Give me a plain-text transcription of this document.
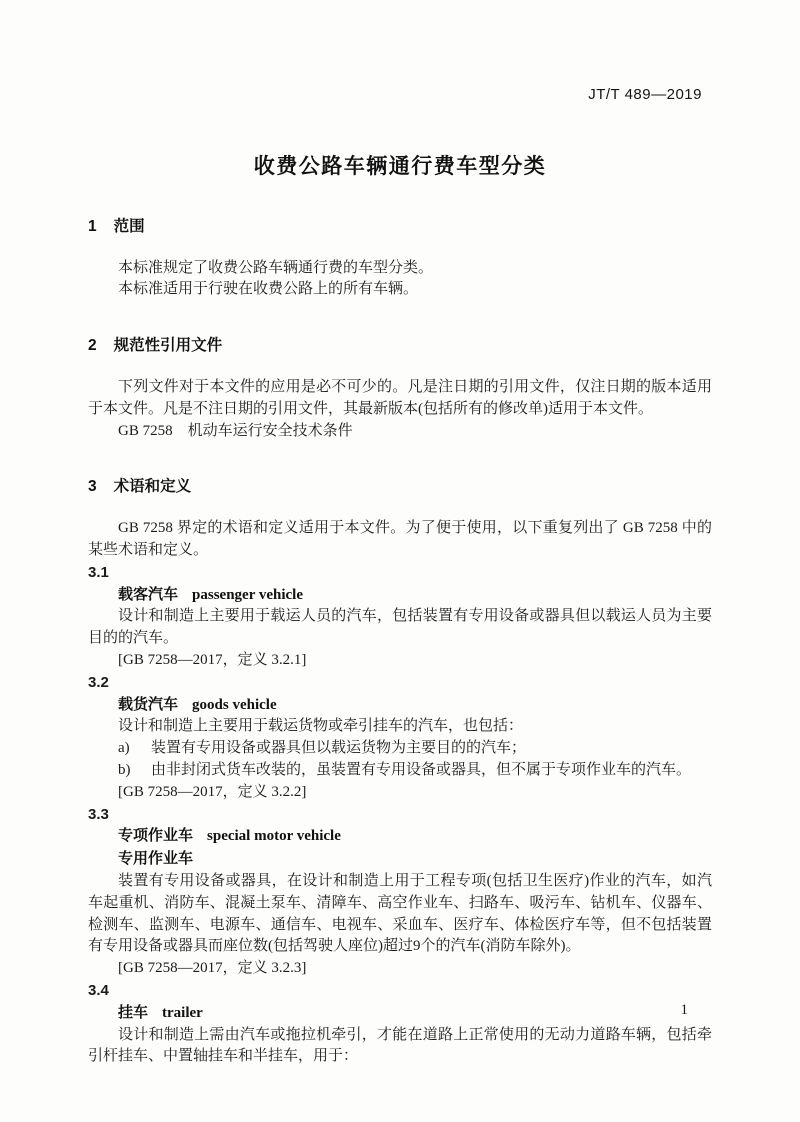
JT/T 489—2019
收费公路车辆通行费车型分类
1 范围

本标准规定了收费公路车辆通行费的车型分类。

本标准适用于行驶在收费公路上的所有车辆。

2 规范性引用文件

下列文件对于本文件的应用是必不可少的。凡是注日期的引用文件，仅注日期的版本适用于本文件。凡是不注日期的引用文件，其最新版本(包括所有的修改单)适用于本文件。

GB 7258　机动车运行安全技术条件

3 术语和定义

GB 7258 界定的术语和定义适用于本文件。为了便于使用，以下重复列出了 GB 7258 中的某些术语和定义。

3.1

载客汽车 passenger vehicle

设计和制造上主要用于载运人员的汽车，包括装置有专用设备或器具但以载运人员为主要目的的汽车。

[GB 7258—2017，定义 3.2.1]

3.2

载货汽车 goods vehicle

设计和制造上主要用于载运货物或牵引挂车的汽车，也包括：

a) 装置有专用设备或器具但以载运货物为主要目的的汽车；

b) 由非封闭式货车改装的，虽装置有专用设备或器具，但不属于专项作业车的汽车。

[GB 7258—2017，定义 3.2.2]

3.3

专项作业车 special motor vehicle

专用作业车

装置有专用设备或器具，在设计和制造上用于工程专项(包括卫生医疗)作业的汽车，如汽车起重机、消防车、混凝土泵车、清障车、高空作业车、扫路车、吸污车、钻机车、仪器车、检测车、监测车、电源车、通信车、电视车、采血车、医疗车、体检医疗车等，但不包括装置有专用设备或器具而座位数(包括驾驶人座位)超过9个的汽车(消防车除外)。

[GB 7258—2017，定义 3.2.3]

3.4

挂车 trailer

设计和制造上需由汽车或拖拉机牵引，才能在道路上正常使用的无动力道路车辆，包括牵引杆挂车、中置轴挂车和半挂车，用于：

1
